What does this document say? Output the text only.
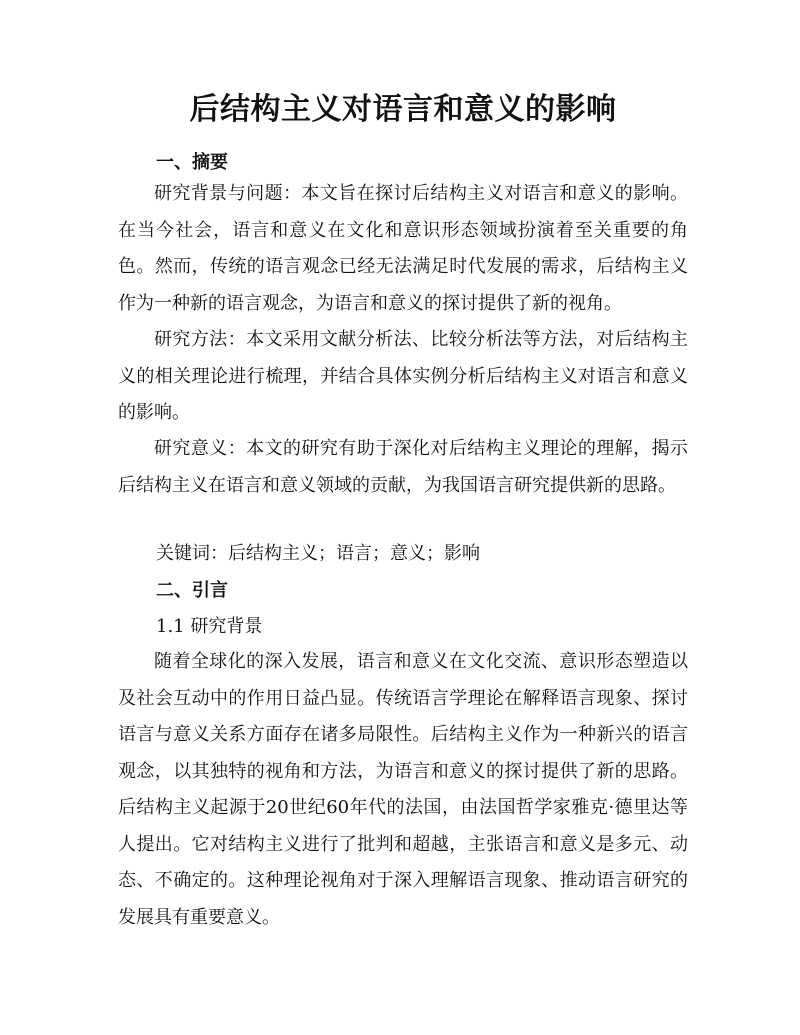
后结构主义对语言和意义的影响
一、摘要

研究背景与问题：本文旨在探讨后结构主义对语言和意义的影响。在当今社会，语言和意义在文化和意识形态领域扮演着至关重要的角色。然而，传统的语言观念已经无法满足时代发展的需求，后结构主义作为一种新的语言观念，为语言和意义的探讨提供了新的视角。

研究方法：本文采用文献分析法、比较分析法等方法，对后结构主义的相关理论进行梳理，并结合具体实例分析后结构主义对语言和意义的影响。

研究意义：本文的研究有助于深化对后结构主义理论的理解，揭示后结构主义在语言和意义领域的贡献，为我国语言研究提供新的思路。

关键词：后结构主义；语言；意义；影响

二、引言

1.1 研究背景

随着全球化的深入发展，语言和意义在文化交流、意识形态塑造以及社会互动中的作用日益凸显。传统语言学理论在解释语言现象、探讨语言与意义关系方面存在诸多局限性。后结构主义作为一种新兴的语言观念，以其独特的视角和方法，为语言和意义的探讨提供了新的思路。后结构主义起源于20世纪60年代的法国，由法国哲学家雅克·德里达等人提出。它对结构主义进行了批判和超越，主张语言和意义是多元、动态、不确定的。这种理论视角对于深入理解语言现象、推动语言研究的发展具有重要意义。
